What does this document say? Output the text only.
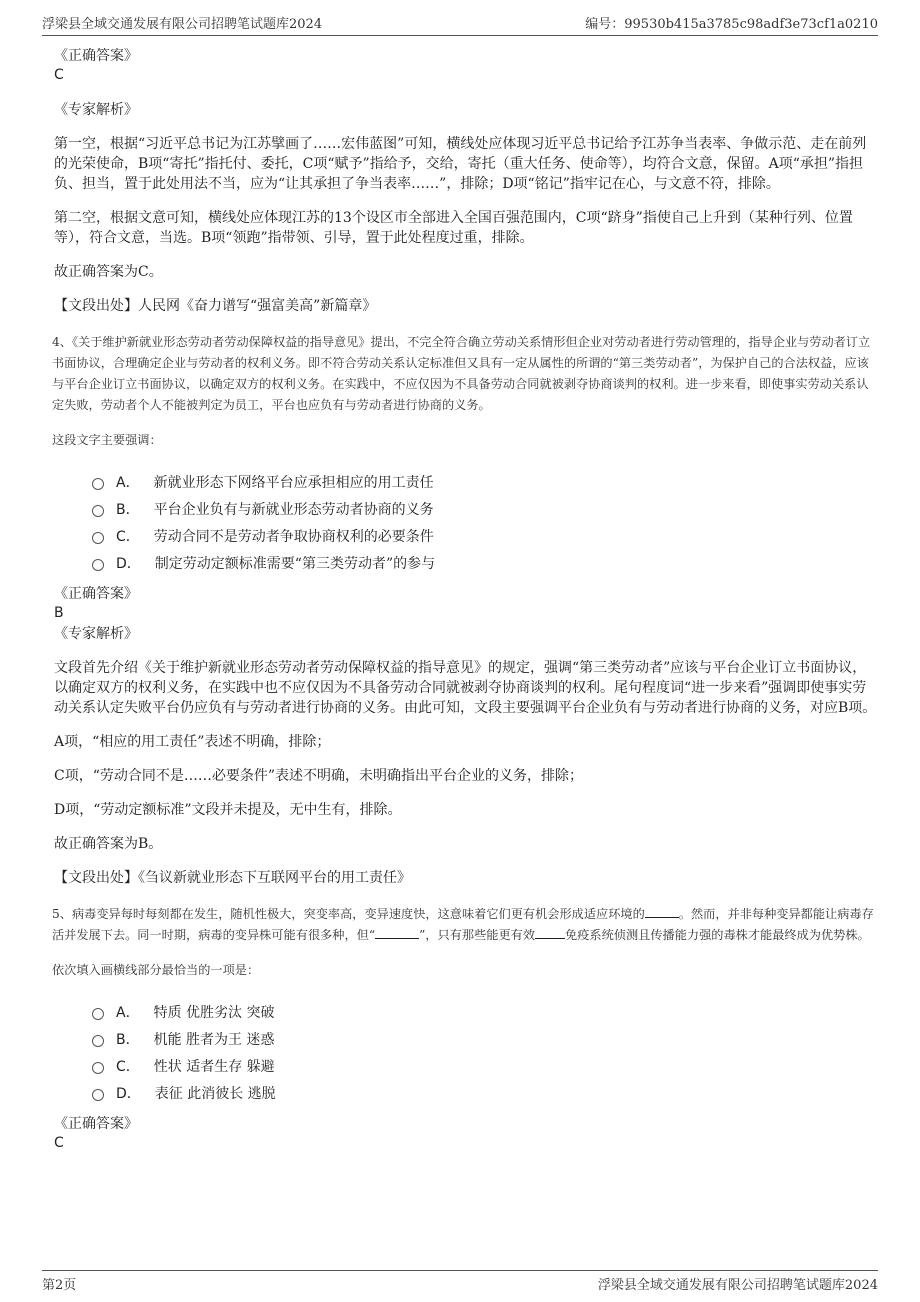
浮梁县全域交通发展有限公司招聘笔试题库2024	编号：99530b415a3785c98adf3e73cf1a0210

《正确答案》

C

《专家解析》

第一空，根据“习近平总书记为江苏擘画了……宏伟蓝图”可知，横线处应体现习近平总书记给予江苏争当表率、争做示范、走在前列的光荣使命，B项“寄托”指托付、委托，C项“赋予”指给予，交给，寄托（重大任务、使命等），均符合文意，保留。A项“承担”指担负、担当，置于此处用法不当，应为“让其承担了争当表率……”，排除；D项“铭记”指牢记在心，与文意不符，排除。

第二空，根据文意可知，横线处应体现江苏的13个设区市全部进入全国百强范围内，C项“跻身”指使自己上升到（某种行列、位置等），符合文意，当选。B项“领跑”指带领、引导，置于此处程度过重，排除。

故正确答案为C。

【文段出处】人民网《奋力谱写“强富美高”新篇章》

4、《关于维护新就业形态劳动者劳动保障权益的指导意见》提出，不完全符合确立劳动关系情形但企业对劳动者进行劳动管理的，指导企业与劳动者订立书面协议，合理确定企业与劳动者的权利义务。即不符合劳动关系认定标准但又具有一定从属性的所谓的“第三类劳动者”，为保护自己的合法权益，应该与平台企业订立书面协议，以确定双方的权利义务。在实践中，不应仅因为不具备劳动合同就被剥夺协商谈判的权利。进一步来看，即使事实劳动关系认定失败，劳动者个人不能被判定为员工，平台也应负有与劳动者进行协商的义务。

这段文字主要强调：

A． 新就业形态下网络平台应承担相应的用工责任
B． 平台企业负有与新就业形态劳动者协商的义务
C． 劳动合同不是劳动者争取协商权利的必要条件
D． 制定劳动定额标准需要“第三类劳动者”的参与

《正确答案》

B

《专家解析》

文段首先介绍《关于维护新就业形态劳动者劳动保障权益的指导意见》的规定，强调“第三类劳动者”应该与平台企业订立书面协议，以确定双方的权利义务，在实践中也不应仅因为不具备劳动合同就被剥夺协商谈判的权利。尾句程度词“进一步来看”强调即使事实劳动关系认定失败平台仍应负有与劳动者进行协商的义务。由此可知，文段主要强调平台企业负有与劳动者进行协商的义务，对应B项。

A项，“相应的用工责任”表述不明确，排除；

C项，“劳动合同不是……必要条件”表述不明确，未明确指出平台企业的义务，排除；

D项，“劳动定额标准”文段并未提及，无中生有，排除。

故正确答案为B。

【文段出处】《刍议新就业形态下互联网平台的用工责任》

5、病毒变异每时每刻都在发生，随机性极大，突变率高，变异速度快，这意味着它们更有机会形成适应环境的	。然而，并非每种变异都能让病毒存活并发展下去。同一时期，病毒的变异株可能有很多种，但“	”，只有那些能更有效 免疫系统侦测且传播能力强的毒株才能最终成为优势株。

依次填入画横线部分最恰当的一项是：

A． 特质 优胜劣汰 突破
B． 机能 胜者为王 迷惑
C． 性状 适者生存 躲避
D． 表征 此消彼长 逃脱

《正确答案》

C
第2页	浮梁县全域交通发展有限公司招聘笔试题库2024
